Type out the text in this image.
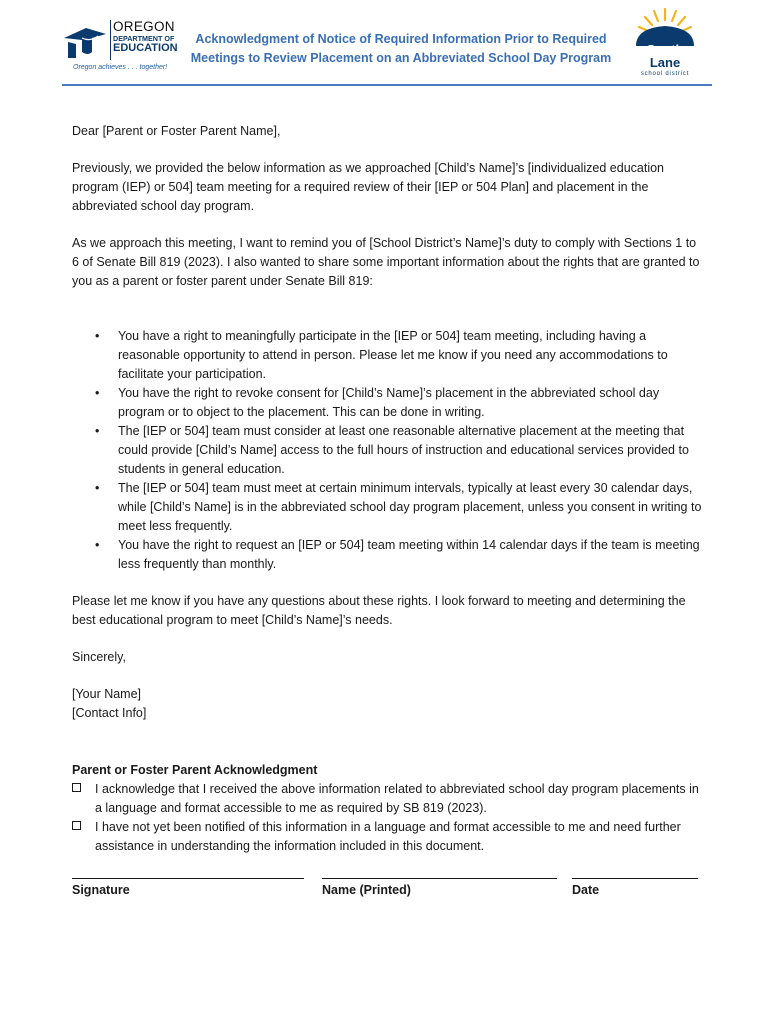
OREGON
DEPARTMENT OF
EDUCATION
Oregon achieves . . . together!
Acknowledgment of Notice of Required Information Prior to Required Meetings to Review Placement on an Abbreviated School Day Program
South
Lane
school district

Dear [Parent or Foster Parent Name],

Previously, we provided the below information as we approached [Child’s Name]’s [individualized education program (IEP) or 504] team meeting for a required review of their [IEP or 504 Plan] and placement in the abbreviated school day program.

As we approach this meeting, I want to remind you of [School District’s Name]’s duty to comply with Sections 1 to 6 of Senate Bill 819 (2023). I also wanted to share some important information about the rights that are granted to you as a parent or foster parent under Senate Bill 819:

• You have a right to meaningfully participate in the [IEP or 504] team meeting, including having a reasonable opportunity to attend in person. Please let me know if you need any accommodations to facilitate your participation.
• You have the right to revoke consent for [Child’s Name]’s placement in the abbreviated school day program or to object to the placement. This can be done in writing.
• The [IEP or 504] team must consider at least one reasonable alternative placement at the meeting that could provide [Child’s Name] access to the full hours of instruction and educational services provided to students in general education.
• The [IEP or 504] team must meet at certain minimum intervals, typically at least every 30 calendar days, while [Child’s Name] is in the abbreviated school day program placement, unless you consent in writing to meet less frequently.
• You have the right to request an [IEP or 504] team meeting within 14 calendar days if the team is meeting less frequently than monthly.

Please let me know if you have any questions about these rights. I look forward to meeting and determining the best educational program to meet [Child’s Name]’s needs.

Sincerely,

[Your Name]
[Contact Info]
Parent or Foster Parent Acknowledgment
I acknowledge that I received the above information related to abbreviated school day program placements in a language and format accessible to me as required by SB 819 (2023).
I have not yet been notified of this information in a language and format accessible to me and need further assistance in understanding the information included in this document.
Signature	Name (Printed)	Date
